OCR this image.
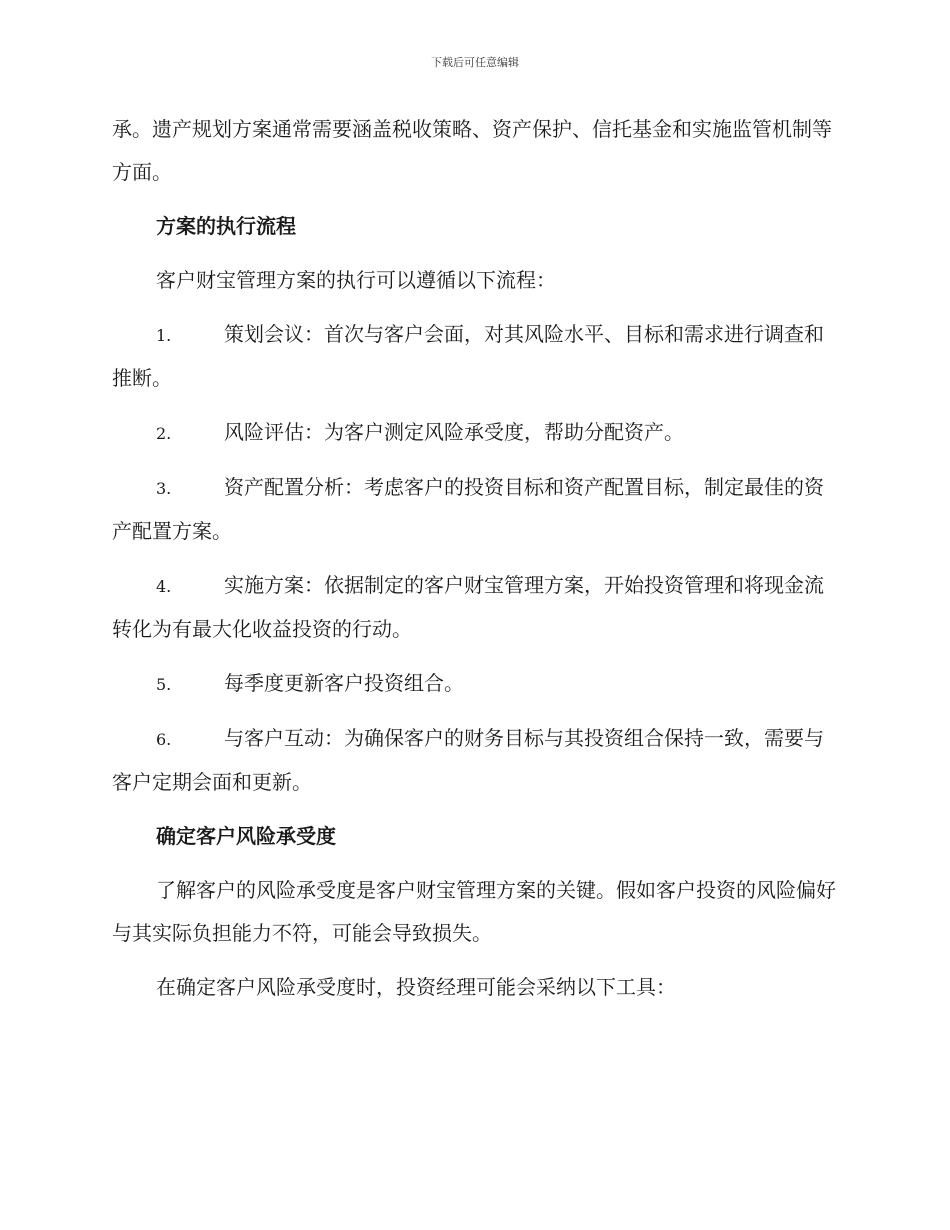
下载后可任意编辑

承。遗产规划方案通常需要涵盖税收策略、资产保护、信托基金和实施监管机制等方面。

方案的执行流程

客户财宝管理方案的执行可以遵循以下流程：

1.	策划会议：首次与客户会面，对其风险水平、目标和需求进行调查和推断。
2.	风险评估：为客户测定风险承受度，帮助分配资产。
3.	资产配置分析：考虑客户的投资目标和资产配置目标，制定最佳的资产配置方案。
4.	实施方案：依据制定的客户财宝管理方案，开始投资管理和将现金流转化为有最大化收益投资的行动。
5.	每季度更新客户投资组合。
6.	与客户互动：为确保客户的财务目标与其投资组合保持一致，需要与客户定期会面和更新。

确定客户风险承受度

了解客户的风险承受度是客户财宝管理方案的关键。假如客户投资的风险偏好与其实际负担能力不符，可能会导致损失。

在确定客户风险承受度时，投资经理可能会采纳以下工具：
